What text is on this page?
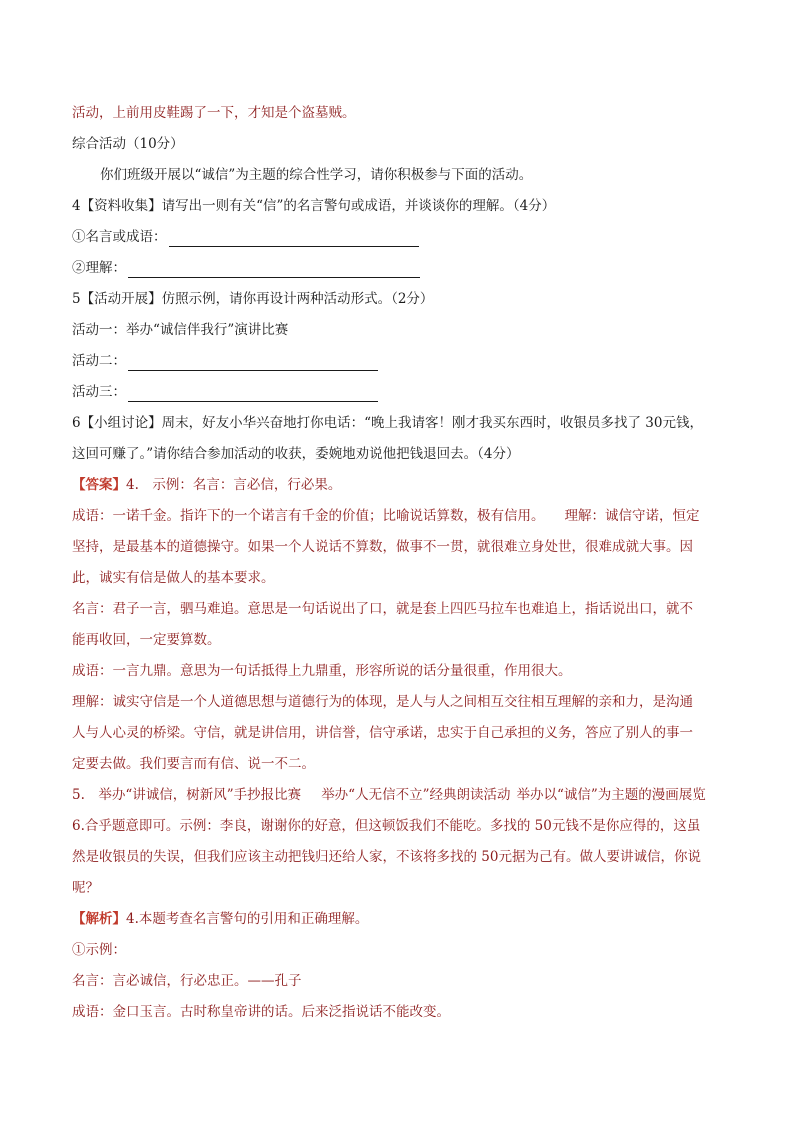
活动，上前用皮鞋踢了一下，才知是个盗墓贼。
综合活动（10分）
你们班级开展以“诚信”为主题的综合性学习，请你积极参与下面的活动。
4【资料收集】请写出一则有关“信”的名言警句或成语，并谈谈你的理解。（4分）
①名言或成语：
②理解：
5【活动开展】仿照示例，请你再设计两种活动形式。（2分）
活动一：举办“诚信伴我行”演讲比赛
活动二：
活动三：
6【小组讨论】周末，好友小华兴奋地打你电话：“晚上我请客！刚才我买东西时，收银员多找了 30元钱，
这回可赚了。”请你结合参加活动的收获，委婉地劝说他把钱退回去。（4分）
【答案】4.　示例：名言：言必信，行必果。
成语：一诺千金。指许下的一个诺言有千金的价值；比喻说话算数，极有信用。 理解：诚信守诺，恒定
坚持，是最基本的道德操守。如果一个人说话不算数，做事不一贯，就很难立身处世，很难成就大事。因
此，诚实有信是做人的基本要求。
名言：君子一言，驷马难追。意思是一句话说出了口，就是套上四匹马拉车也难追上，指话说出口，就不
能再收回，一定要算数。
成语：一言九鼎。意思为一句话抵得上九鼎重，形容所说的话分量很重，作用很大。
理解：诚实守信是一个人道德思想与道德行为的体现，是人与人之间相互交往相互理解的亲和力，是沟通
人与人心灵的桥梁。守信，就是讲信用，讲信誉，信守承诺，忠实于自己承担的义务，答应了别人的事一
定要去做。我们要言而有信、说一不二。
5.　举办“讲诚信，树新风”手抄报比赛 举办“人无信不立”经典朗读活动 举办以“诚信”为主题的漫画展览
6.合乎题意即可。示例：李良，谢谢你的好意，但这顿饭我们不能吃。多找的 50元钱不是你应得的，这虽
然是收银员的失误，但我们应该主动把钱归还给人家，不该将多找的 50元据为己有。做人要讲诚信，你说
呢？
【解析】4.本题考查名言警句的引用和正确理解。
①示例：
名言：言必诚信，行必忠正。——孔子
成语：金口玉言。古时称皇帝讲的话。后来泛指说话不能改变。
